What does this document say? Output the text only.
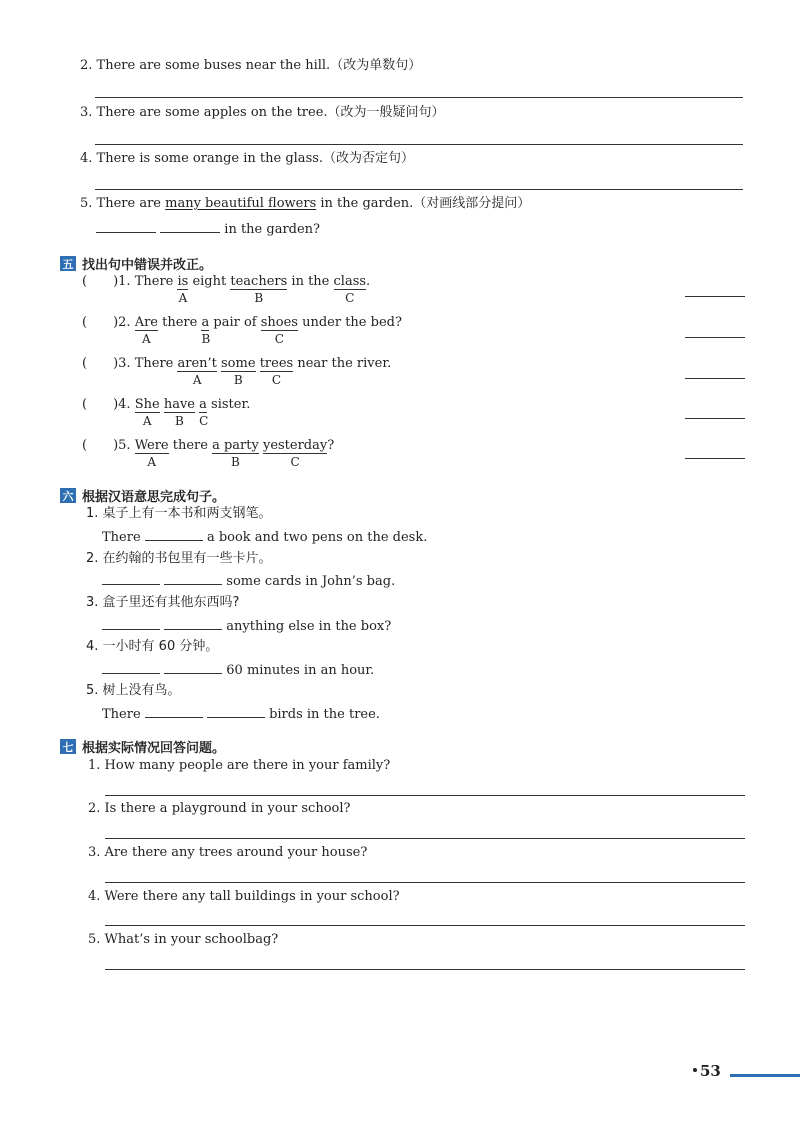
2. There are some buses near the hill.（改为单数句）
3. There are some apples on the tree.（改为一般疑问句）
4. There is some orange in the glass.（改为否定句）
5. There are many beautiful flowers in the garden.（对画线部分提问）
in the garden?
五 找出句中错误并改正。
( )1. There is
A
eight teachers
B
in the class
C
.
( )2. Are
A
there a
B
pair of shoes
C
under the bed?
( )3. There aren’t
A
some
B
trees
C
near the river.
( )4. She
A
have
B
a
C
sister.
( )5. Were
A
there a party
B
yesterday
C
?
六 根据汉语意思完成句子。
1. 桌子上有一本书和两支钢笔。
There	a book and two pens on the desk.
2. 在约翰的书包里有一些卡片。
some cards in John’s bag.
3. 盒子里还有其他东西吗?
anything else in the box?
4. 一小时有 60 分钟。
60 minutes in an hour.
5. 树上没有鸟。
There	birds in the tree.
七 根据实际情况回答问题。
1. How many people are there in your family?
2. Is there a playground in your school?
3. Are there any trees around your house?
4. Were there any tall buildings in your school?
5. What’s in your schoolbag?
53
